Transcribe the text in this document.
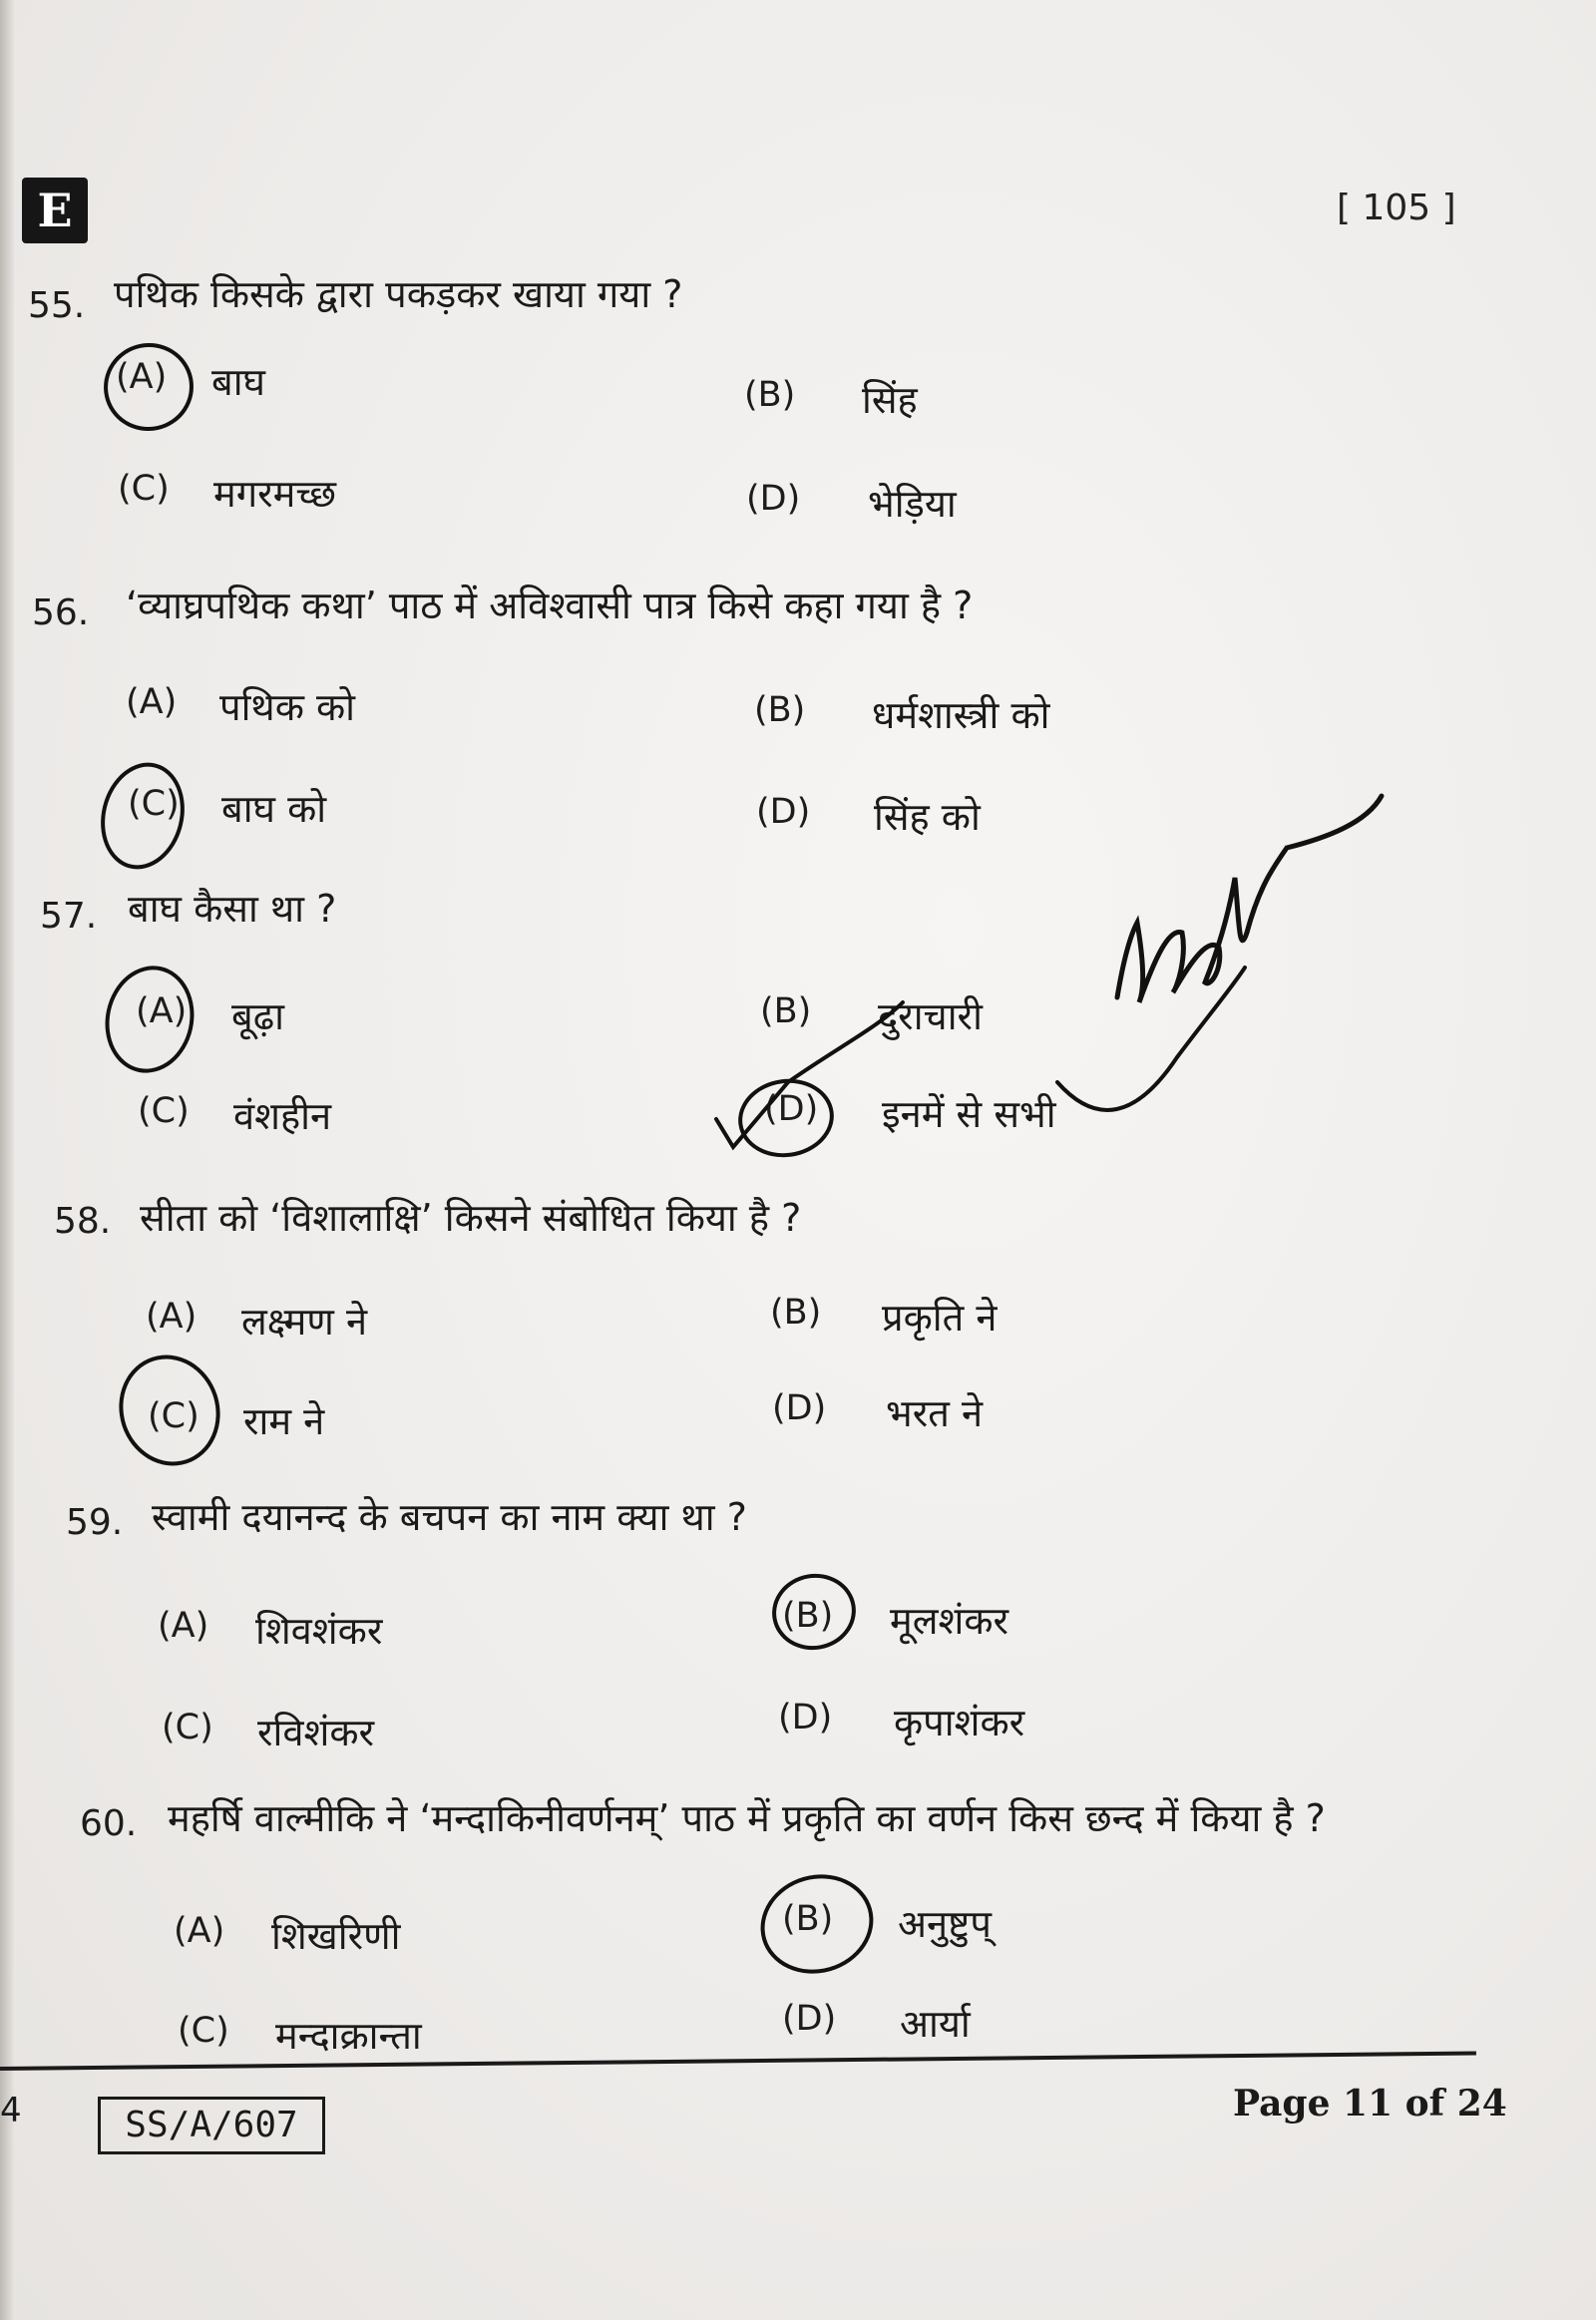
E	[ 105 ]
55. पथिक किसके द्वारा पकड़कर खाया गया ?
(A) बाघ	(B) सिंह
(C) मगरमच्छ	(D) भेड़िया
56. ‘व्याघ्रपथिक कथा’ पाठ में अविश्वासी पात्र किसे कहा गया है ?
(A) पथिक को	(B) धर्मशास्त्री को
(C) बाघ को	(D) सिंह को
57. बाघ कैसा था ?
(A) बूढ़ा	(B) दुराचारी
(C) वंशहीन	(D) इनमें से सभी
58. सीता को ‘विशालाक्षि’ किसने संबोधित किया है ?
(A) लक्ष्मण ने	(B) प्रकृति ने
(C) राम ने	(D) भरत ने
59. स्वामी दयानन्द के बचपन का नाम क्या था ?
(A) शिवशंकर	(B) मूलशंकर
(C) रविशंकर	(D) कृपाशंकर
60. महर्षि वाल्मीकि ने ‘मन्दाकिनीवर्णनम्’ पाठ में प्रकृति का वर्णन किस छन्द में किया है ?
(A) शिखरिणी	(B) अनुष्टुप्
(C) मन्दाक्रान्ता	(D) आर्या
4	SS/A/607
Page 11 of 24
